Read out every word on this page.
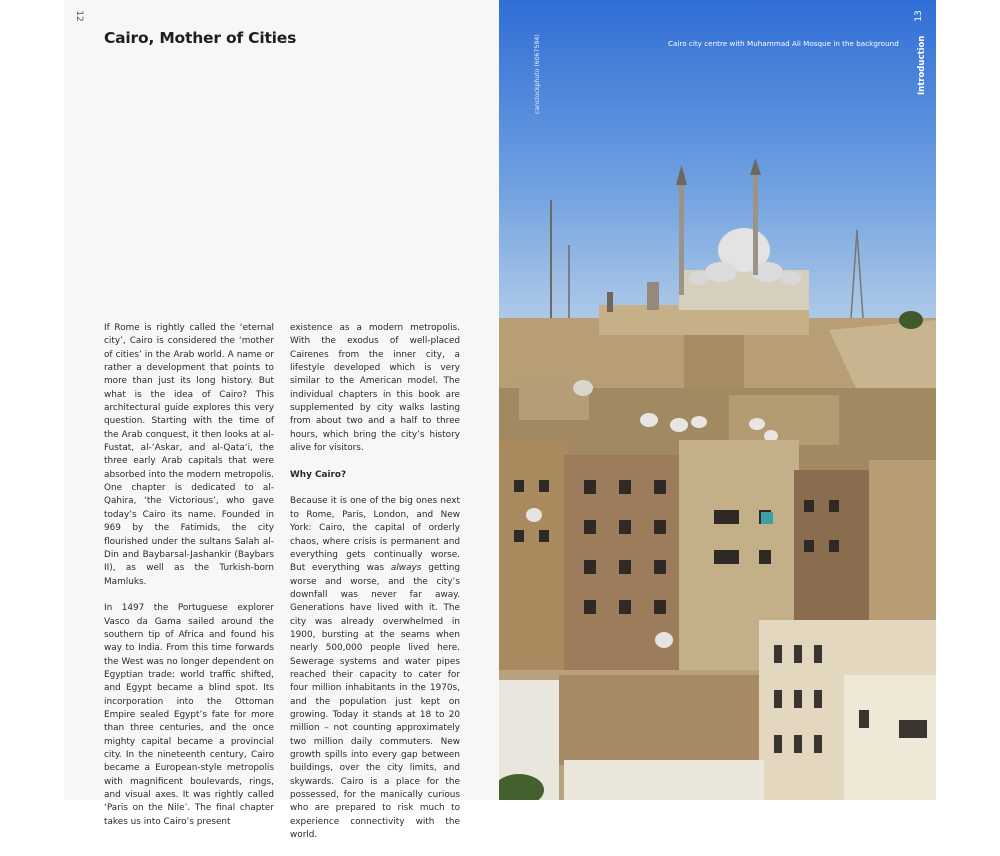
12
Cairo, Mother of Cities

If Rome is rightly called the ‘eternal city’, Cairo is considered the ‘mother of cities’ in the Arab world. A name or rather a development that points to more than just its long history. But what is the idea of Cairo? This architectural guide explores this very question. Starting with the time of the Arab conquest, it then looks at al-Fustat, al-‘Askar, and al-Qata‘i, the three early Arab capitals that were absorbed into the modern metropolis. One chapter is dedicated to al-Qahira, ‘the Victorious’, who gave today’s Cairo its name. Founded in 969 by the Fatimids, the city flourished under the sultans Salah al-Din and Baybarsal-Jashankir (Baybars II), as well as the Turkish-born Mamluks.

In 1497 the Portuguese explorer Vasco da Gama sailed around the southern tip of Africa and found his way to India. From this time forwards the West was no longer dependent on Egyptian trade: world traffic shifted, and Egypt became a blind spot. Its incorporation into the Ottoman Empire sealed Egypt’s fate for more than three centuries, and the once mighty capital became a provincial city. In the nineteenth century, Cairo became a European-style metropolis with magnificent boulevards, rings, and visual axes. It was rightly called ‘Paris on the Nile’. The final chapter takes us into Cairo’s present

existence as a modern metropolis. With the exodus of well-placed Cairenes from the inner city, a lifestyle developed which is very similar to the American model. The individual chapters in this book are supplemented by city walks lasting from about two and a half to three hours, which bring the city’s history alive for visitors.

Why Cairo?

Because it is one of the big ones next to Rome, Paris, London, and New York: Cairo, the capital of orderly chaos, where crisis is permanent and everything gets continually worse. But everything was always getting worse and worse, and the city’s downfall was never far away. Generations have lived with it. The city was already overwhelmed in 1900, bursting at the seams when nearly 500,000 people lived here. Sewerage systems and water pipes reached their capacity to cater for four million inhabitants in the 1970s, and the population just kept on growing. Today it stands at 18 to 20 million – not counting approximately two million daily commuters. New growth spills into every gap between buildings, over the city limits, and skywards. Cairo is a place for the possessed, for the manically curious who are prepared to risk much to experience connectivity with the world.

canstockphoto (6067594)	Cairo city centre with Muhammad Ali Mosque in the background Introduction
13
